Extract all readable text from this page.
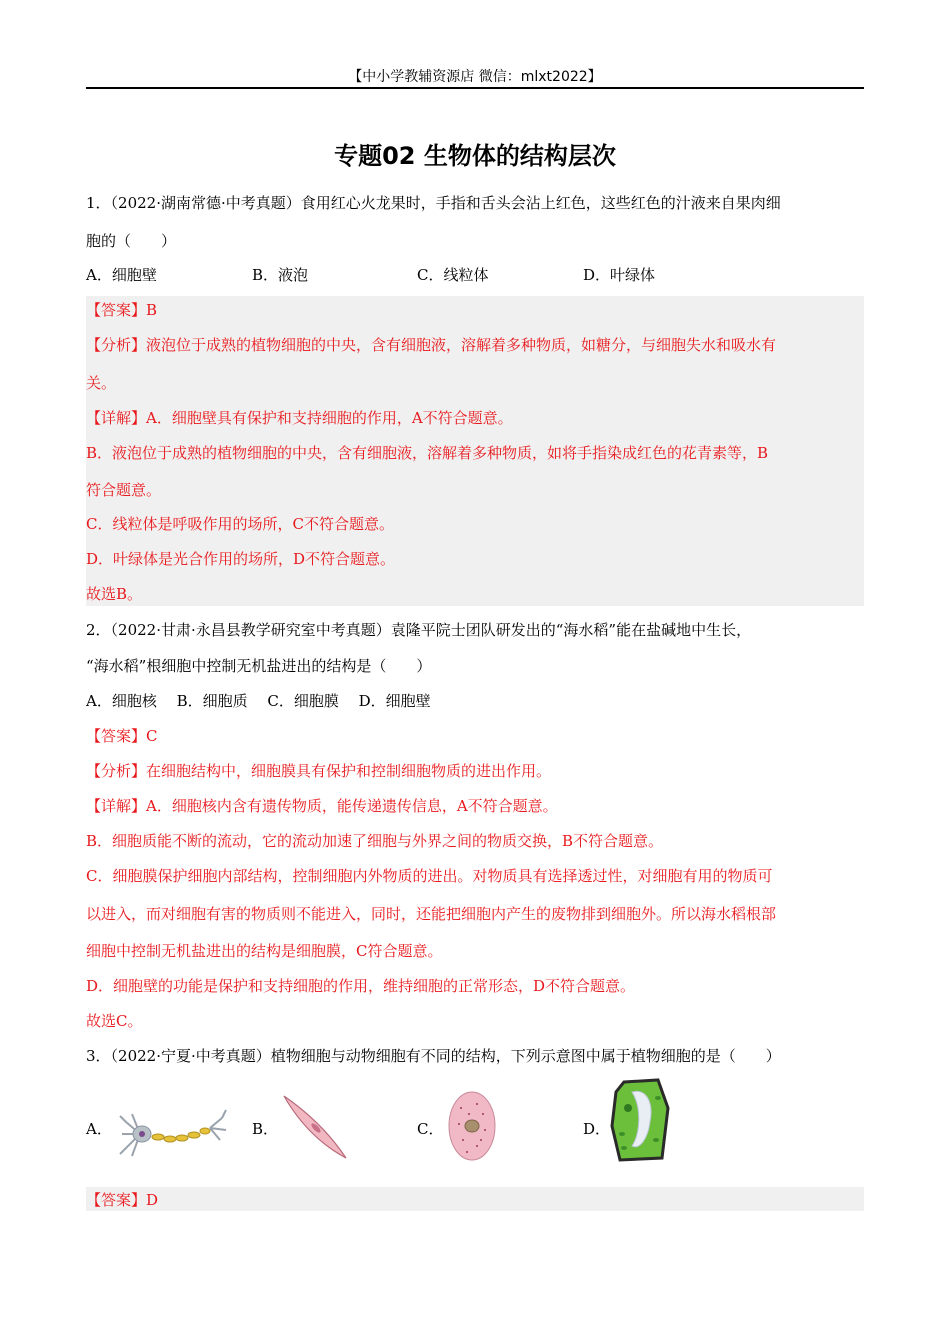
【中小学教辅资源店 微信：mlxt2022】
专题02 生物体的结构层次
1．（2022·湖南常德·中考真题）食用红心火龙果时，手指和舌头会沾上红色，这些红色的汁液来自果肉细
胞的（　　）
A．细胞壁	B．液泡	C．线粒体	D．叶绿体
【答案】B
【分析】液泡位于成熟的植物细胞的中央，含有细胞液，溶解着多种物质，如糖分，与细胞失水和吸水有
关。
【详解】A．细胞壁具有保护和支持细胞的作用，A不符合题意。
B．液泡位于成熟的植物细胞的中央，含有细胞液，溶解着多种物质，如将手指染成红色的花青素等，B
符合题意。
C．线粒体是呼吸作用的场所，C不符合题意。
D．叶绿体是光合作用的场所，D不符合题意。
故选B。
2．（2022·甘肃·永昌县教学研究室中考真题）袁隆平院士团队研发出的“海水稻”能在盐碱地中生长，
“海水稻”根细胞中控制无机盐进出的结构是（　　）
A．细胞核　 B．细胞质　 C．细胞膜　 D．细胞壁
【答案】C
【分析】在细胞结构中，细胞膜具有保护和控制细胞物质的进出作用。
【详解】A．细胞核内含有遗传物质，能传递遗传信息，A不符合题意。
B．细胞质能不断的流动，它的流动加速了细胞与外界之间的物质交换，B不符合题意。
C．细胞膜保护细胞内部结构，控制细胞内外物质的进出。对物质具有选择透过性，对细胞有用的物质可
以进入，而对细胞有害的物质则不能进入，同时，还能把细胞内产生的废物排到细胞外。所以海水稻根部
细胞中控制无机盐进出的结构是细胞膜，C符合题意。
D．细胞壁的功能是保护和支持细胞的作用，维持细胞的正常形态，D不符合题意。
故选C。
3．（2022·宁夏·中考真题）植物细胞与动物细胞有不同的结构，下列示意图中属于植物细胞的是（　　）
A．	B．	C．	D．
【答案】D
